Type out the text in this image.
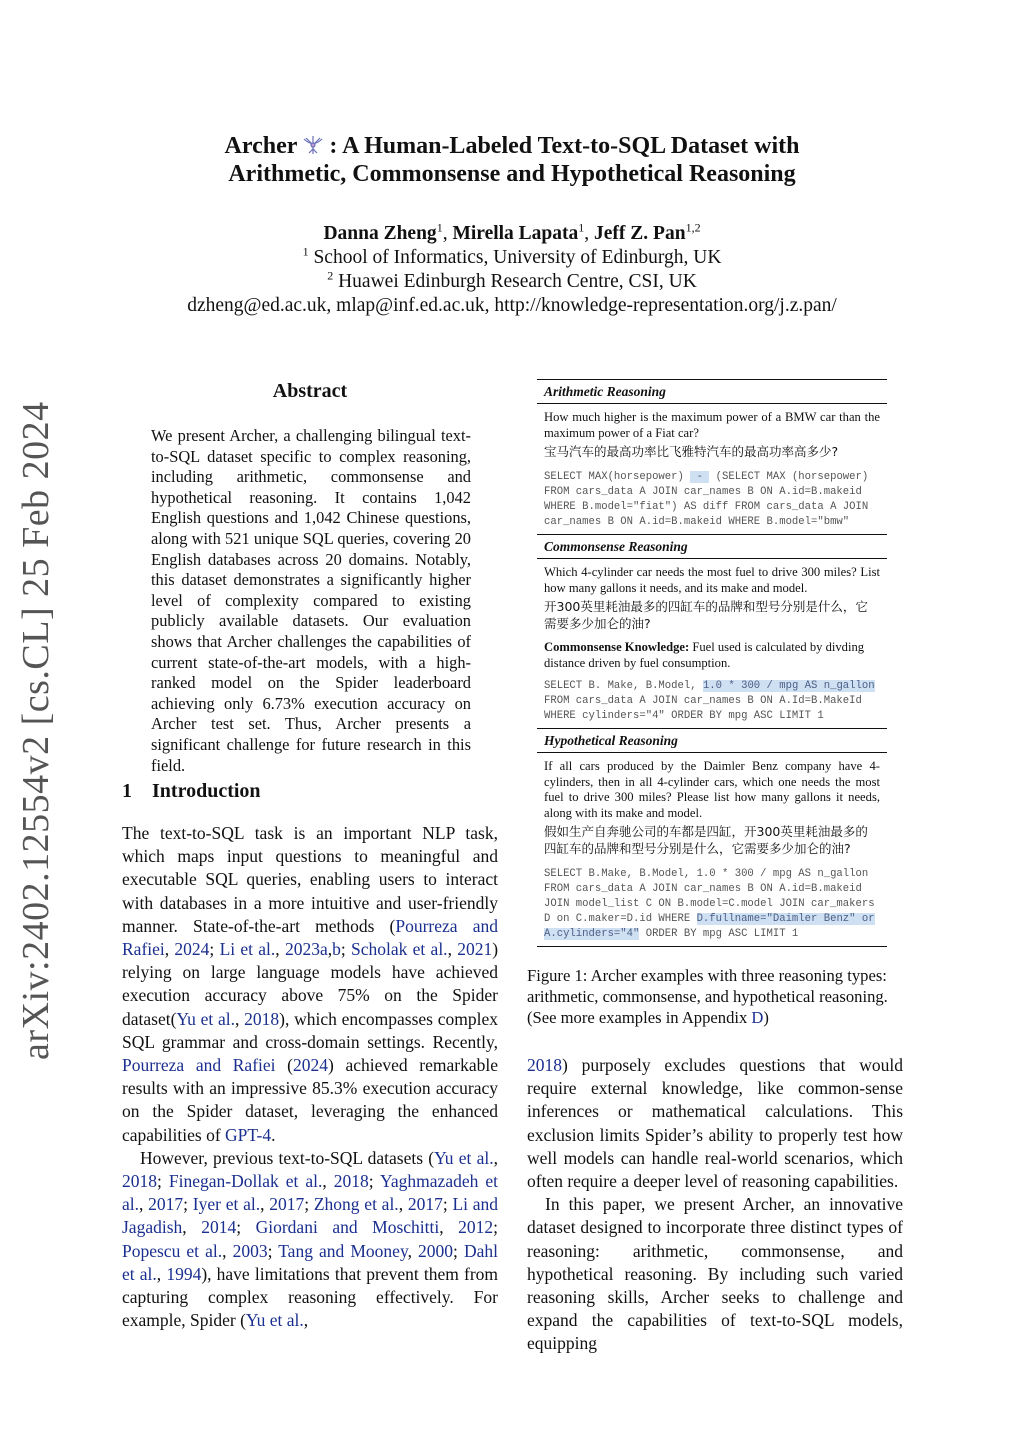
Archer : A Human-Labeled Text-to-SQL Dataset with
Arithmetic, Commonsense and Hypothetical Reasoning
Danna Zheng$^1$, Mirella Lapata$^1$, Jeff Z. Pan$^{1,2}$
$^1$ School of Informatics, University of Edinburgh, UK
$^2$ Huawei Edinburgh Research Centre, CSI, UK
dzheng@ed.ac.uk, mlap@inf.ed.ac.uk, http://knowledge-representation.org/j.z.pan/
arXiv:2402.12554v2 [cs.CL] 25 Feb 2024
Abstract
We present Archer, a challenging bilingual text-to-SQL dataset specific to complex reasoning, including arithmetic, commonsense and hypothetical reasoning. It contains 1,042 English questions and 1,042 Chinese questions, along with 521 unique SQL queries, covering 20 English databases across 20 domains. Notably, this dataset demonstrates a significantly higher level of complexity compared to existing publicly available datasets. Our evaluation shows that Archer challenges the capabilities of current state-of-the-art models, with a high-ranked model on the Spider leaderboard achieving only 6.73% execution accuracy on Archer test set. Thus, Archer presents a significant challenge for future research in this field.
1 Introduction

The text-to-SQL task is an important NLP task, which maps input questions to meaningful and executable SQL queries, enabling users to interact with databases in a more intuitive and user-friendly manner. State-of-the-art methods (Pourreza and Rafiei, 2024; Li et al., 2023a,b; Scholak et al., 2021) relying on large language models have achieved execution accuracy above 75% on the Spider dataset(Yu et al., 2018), which encompasses complex SQL grammar and cross-domain settings. Recently, Pourreza and Rafiei (2024) achieved remarkable results with an impressive 85.3% execution accuracy on the Spider dataset, leveraging the enhanced capabilities of GPT-4.

However, previous text-to-SQL datasets (Yu et al., 2018; Finegan-Dollak et al., 2018; Yaghmazadeh et al., 2017; Iyer et al., 2017; Zhong et al., 2017; Li and Jagadish, 2014; Giordani and Moschitti, 2012; Popescu et al., 2003; Tang and Mooney, 2000; Dahl et al., 1994), have limitations that prevent them from capturing complex reasoning effectively. For example, Spider (Yu et al.,

Arithmetic Reasoning
How much higher is the maximum power of a BMW car than the maximum power of a Fiat car?
宝马汽车的最高功率比飞雅特汽车的最高功率高多少?
SELECT MAX(horsepower)  -  (SELECT MAX (horsepower)
FROM cars_data A JOIN car_names B ON A.id=B.makeid
WHERE B.model="fiat") AS diff FROM cars_data A JOIN
car_names B ON A.id=B.makeid WHERE B.model="bmw"
Commonsense Reasoning
Which 4-cylinder car needs the most fuel to drive 300 miles? List how many gallons it needs, and its make and model.
开300英里耗油最多的四缸车的品牌和型号分别是什么，它需要多少加仑的油?
Commonsense Knowledge: Fuel used is calculated by divding distance driven by fuel consumption.
SELECT B. Make, B.Model, 1.0 * 300 / mpg AS n_gallon
FROM cars_data A JOIN car_names B ON A.Id=B.MakeId
WHERE cylinders="4" ORDER BY mpg ASC LIMIT 1
Hypothetical Reasoning
If all cars produced by the Daimler Benz company have 4-cylinders, then in all 4-cylinder cars, which one needs the most fuel to drive 300 miles? Please list how many gallons it needs, along with its make and model.
假如生产自奔驰公司的车都是四缸，开300英里耗油最多的四缸车的品牌和型号分别是什么，它需要多少加仑的油?
SELECT B.Make, B.Model, 1.0 * 300 / mpg AS n_gallon
FROM cars_data A JOIN car_names B ON A.id=B.makeid
JOIN model_list C ON B.model=C.model JOIN car_makers
D on C.maker=D.id WHERE D.fullname="Daimler Benz" or
A.cylinders="4" ORDER BY mpg ASC LIMIT 1
Figure 1: Archer examples with three reasoning types: arithmetic, commonsense, and hypothetical reasoning. (See more examples in Appendix D)

2018) purposely excludes questions that would require external knowledge, like common-sense inferences or mathematical calculations. This exclusion limits Spider’s ability to properly test how well models can handle real-world scenarios, which often require a deeper level of reasoning capabilities.

In this paper, we present Archer, an innovative dataset designed to incorporate three distinct types of reasoning: arithmetic, commonsense, and hypothetical reasoning. By including such varied reasoning skills, Archer seeks to challenge and expand the capabilities of text-to-SQL models, equipping
